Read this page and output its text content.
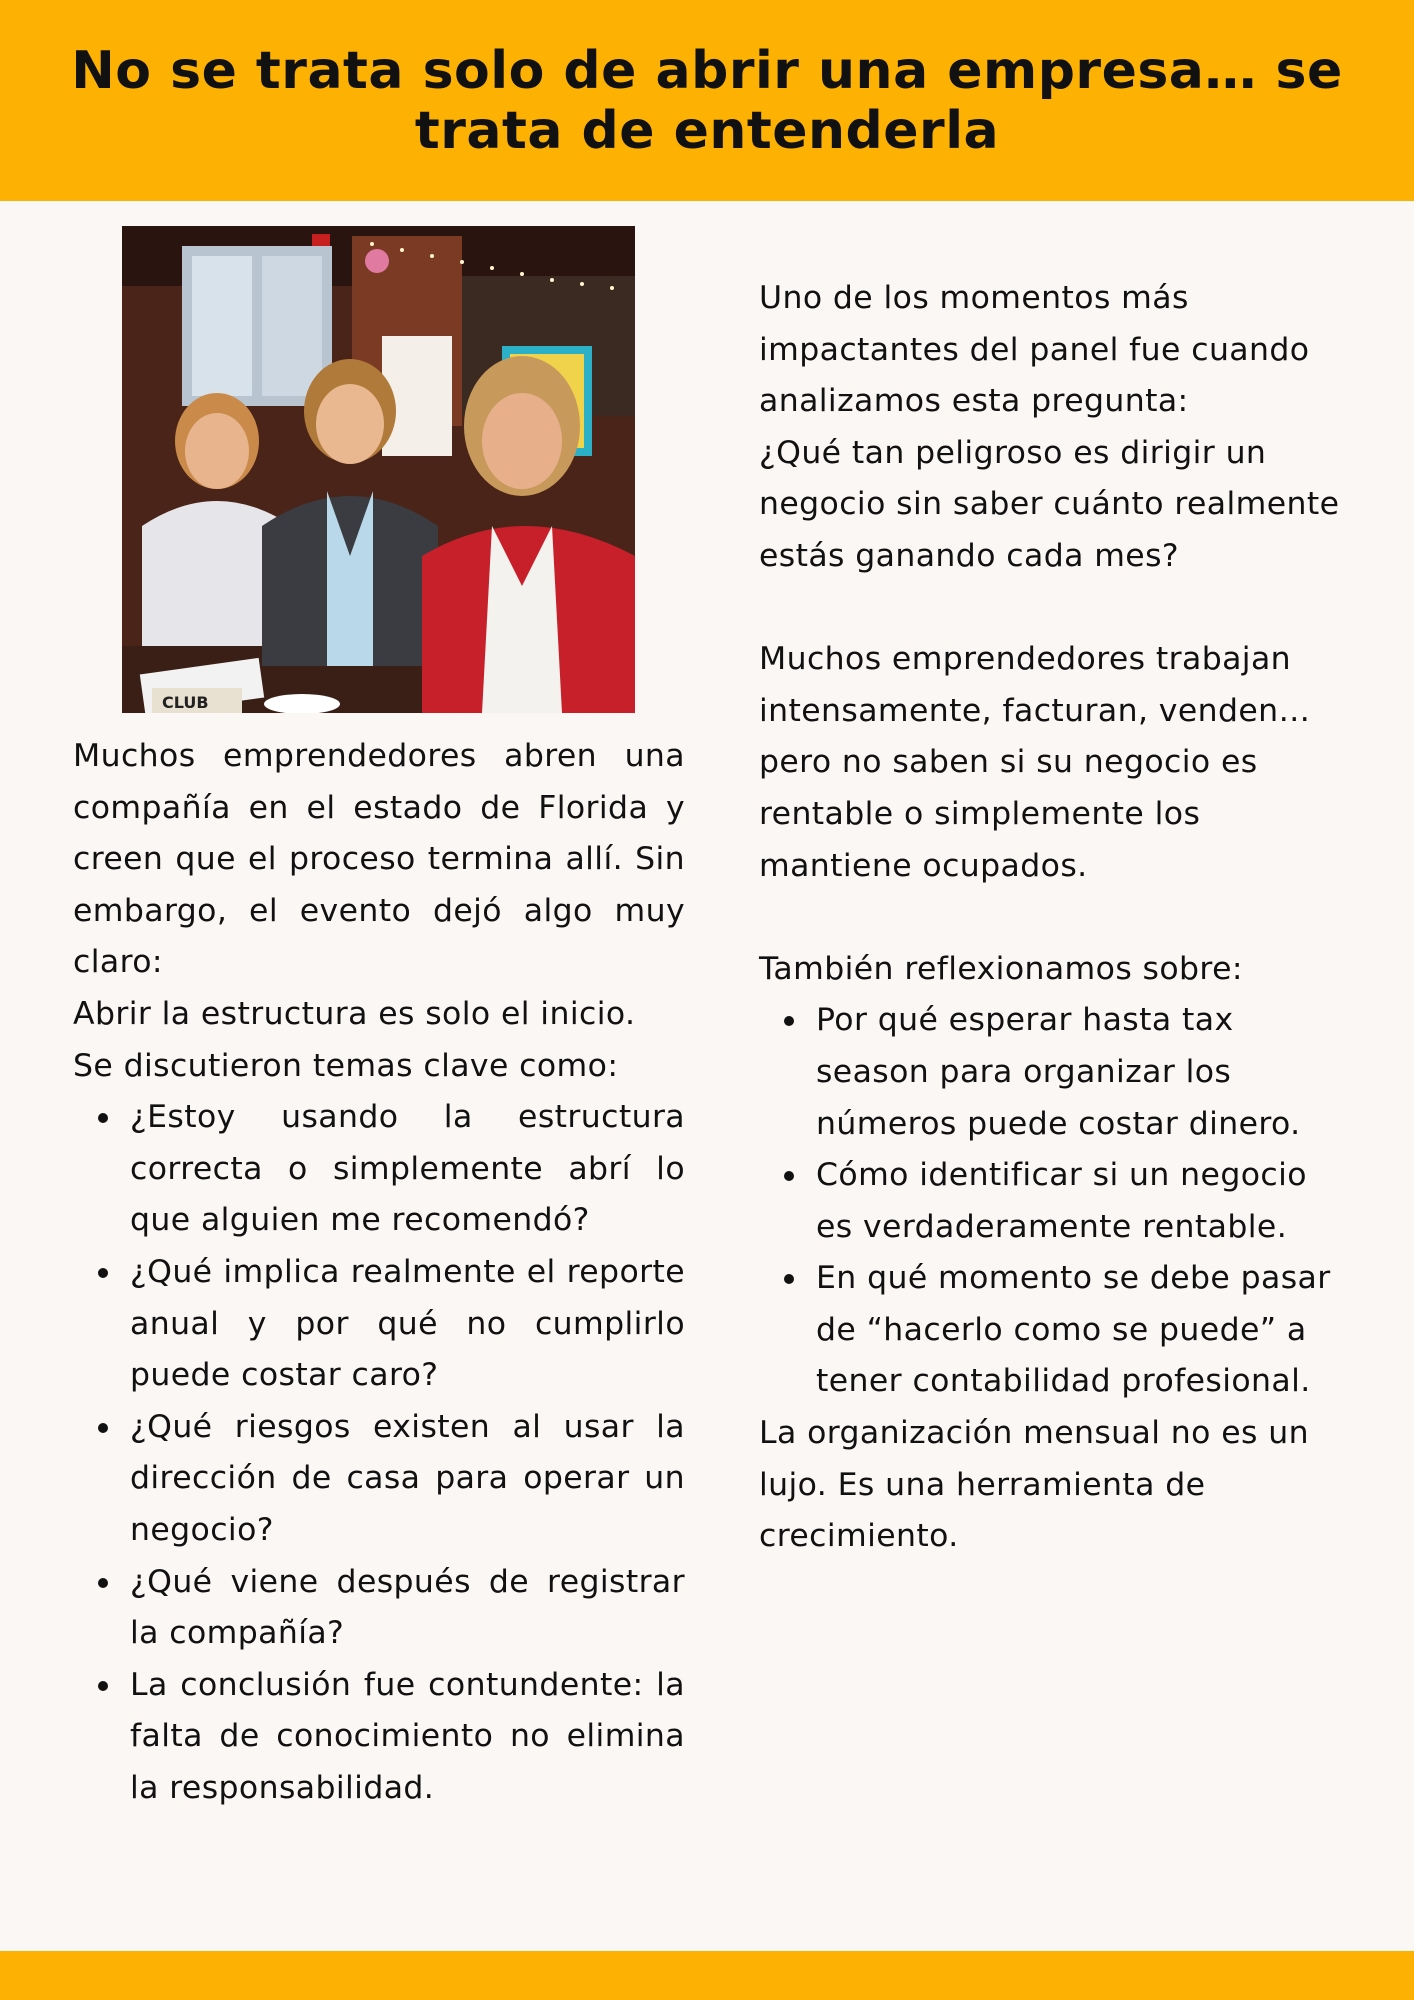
No se trata solo de abrir una empresa… se trata de entenderla
CLUB

Muchos emprendedores abren una compañía en el estado de Florida y creen que el proceso termina allí. Sin embargo, el evento dejó algo muy claro:

Abrir la estructura es solo el inicio.

Se discutieron temas clave como:

¿Estoy usando la estructura correcta o simplemente abrí lo que alguien me recomendó?
¿Qué implica realmente el reporte anual y por qué no cumplirlo puede costar caro?
¿Qué riesgos existen al usar la dirección de casa para operar un negocio?
¿Qué viene después de registrar la compañía?
La conclusión fue contundente: la falta de conocimiento no elimina la responsabilidad.

Uno de los momentos más impactantes del panel fue cuando analizamos esta pregunta:

¿Qué tan peligroso es dirigir un negocio sin saber cuánto realmente estás ganando cada mes?

Muchos emprendedores trabajan intensamente, facturan, venden… pero no saben si su negocio es rentable o simplemente los mantiene ocupados.

También reflexionamos sobre:

Por qué esperar hasta tax season para organizar los números puede costar dinero.
Cómo identificar si un negocio es verdaderamente rentable.
En qué momento se debe pasar de “hacerlo como se puede” a tener contabilidad profesional.

La organización mensual no es un lujo. Es una herramienta de crecimiento.
